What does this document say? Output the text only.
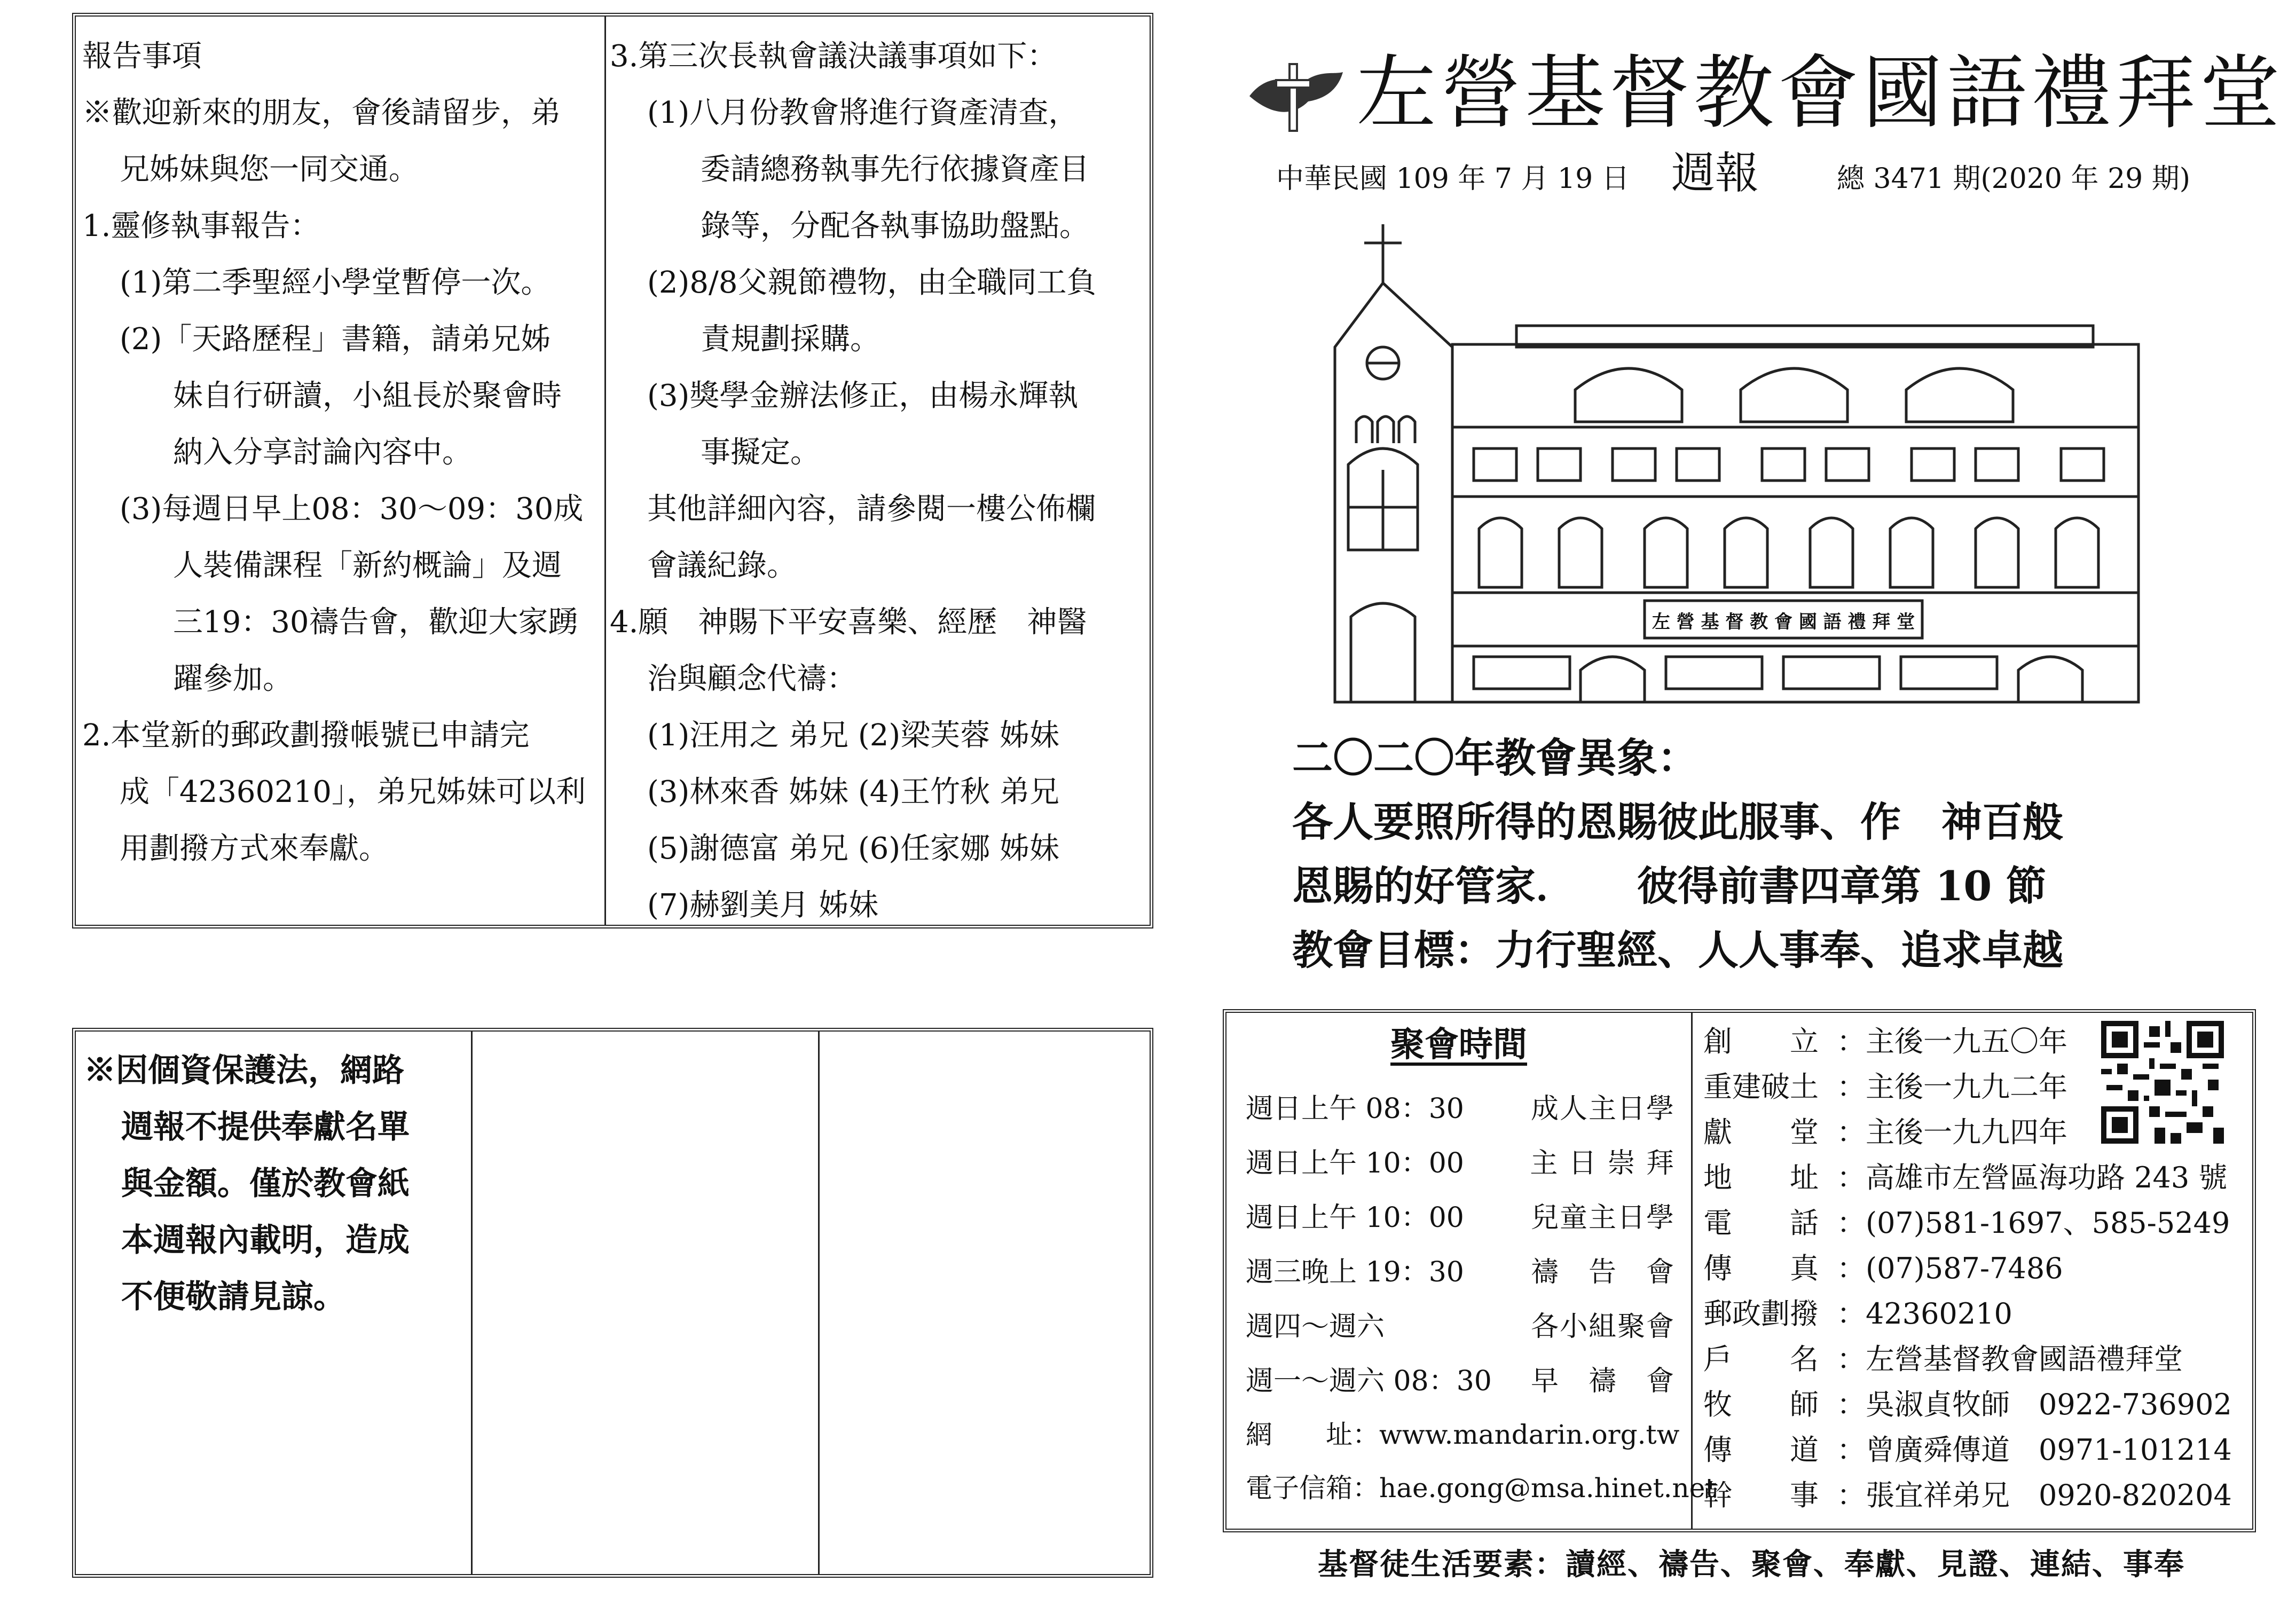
報告事項
※歡迎新來的朋友，會後請留步，弟
兄姊妹與您一同交通。
1.靈修執事報告：
(1)第二季聖經小學堂暫停一次。
(2)「天路歷程」書籍，請弟兄姊
妹自行研讀，小組長於聚會時
納入分享討論內容中。
(3)每週日早上08：30～09：30成
人裝備課程「新約概論」及週
三19：30禱告會，歡迎大家踴
躍參加。
2.本堂新的郵政劃撥帳號已申請完
成「42360210」，弟兄姊妹可以利
用劃撥方式來奉獻。
3.第三次長執會議決議事項如下：
(1)八月份教會將進行資產清查，
委請總務執事先行依據資產目
錄等，分配各執事協助盤點。
(2)8/8父親節禮物，由全職同工負
責規劃採購。
(3)獎學金辦法修正，由楊永輝執
事擬定。
其他詳細內容，請參閱一樓公佈欄
會議紀錄。
4.願　神賜下平安喜樂、經歷　神醫
治與顧念代禱：
(1)汪用之 弟兄 (2)梁芙蓉 姊妹
(3)林來香 姊妹 (4)王竹秋 弟兄
(5)謝德富 弟兄 (6)任家娜 姊妹
(7)赫劉美月 姊妹
※因個資保護法，網路
週報不提供奉獻名單
與金額。僅於教會紙
本週報內載明，造成
不便敬請見諒。
左營基督教會國語禮拜堂
中華民國 109 年 7 月 19 日 週報	總 3471 期(2020 年 29 期)
左 營 基 督 教 會 國 語 禮 拜 堂
二〇二〇年教會異象：
各人要照所得的恩賜彼此服事、作　神百般
恩賜的好管家．　　彼得前書四章第 10 節
教會目標：力行聖經、人人事奉、追求卓越
聚會時間
週日上午 08：30 成人主日學
週日上午 10：00 主 日 崇 拜
週日上午 10：00 兒童主日學
週三晚上 19：30 禱　告　會
週四～週六	各小組聚會
週一～週六 08：30 早　禱　會
網　　址：www.mandarin.org.tw
電子信箱：hae.gong@msa.hinet.net
創　　立 ：主後一九五〇年
重建破土 ：主後一九九二年
獻　　堂 ：主後一九九四年
地　　址 ：高雄市左營區海功路 243 號
電　　話 ：(07)581-1697、585-5249
傳　　真 ：(07)587-7486
郵政劃撥 ：42360210
戶　　名 ：左營基督教會國語禮拜堂
牧　　師 ：吳淑貞牧師　0922-736902
傳　　道 ：曾廣舜傳道　0971-101214
幹　　事 ：張宜祥弟兄　0920-820204
基督徒生活要素：讀經、禱告、聚會、奉獻、見證、連結、事奉
